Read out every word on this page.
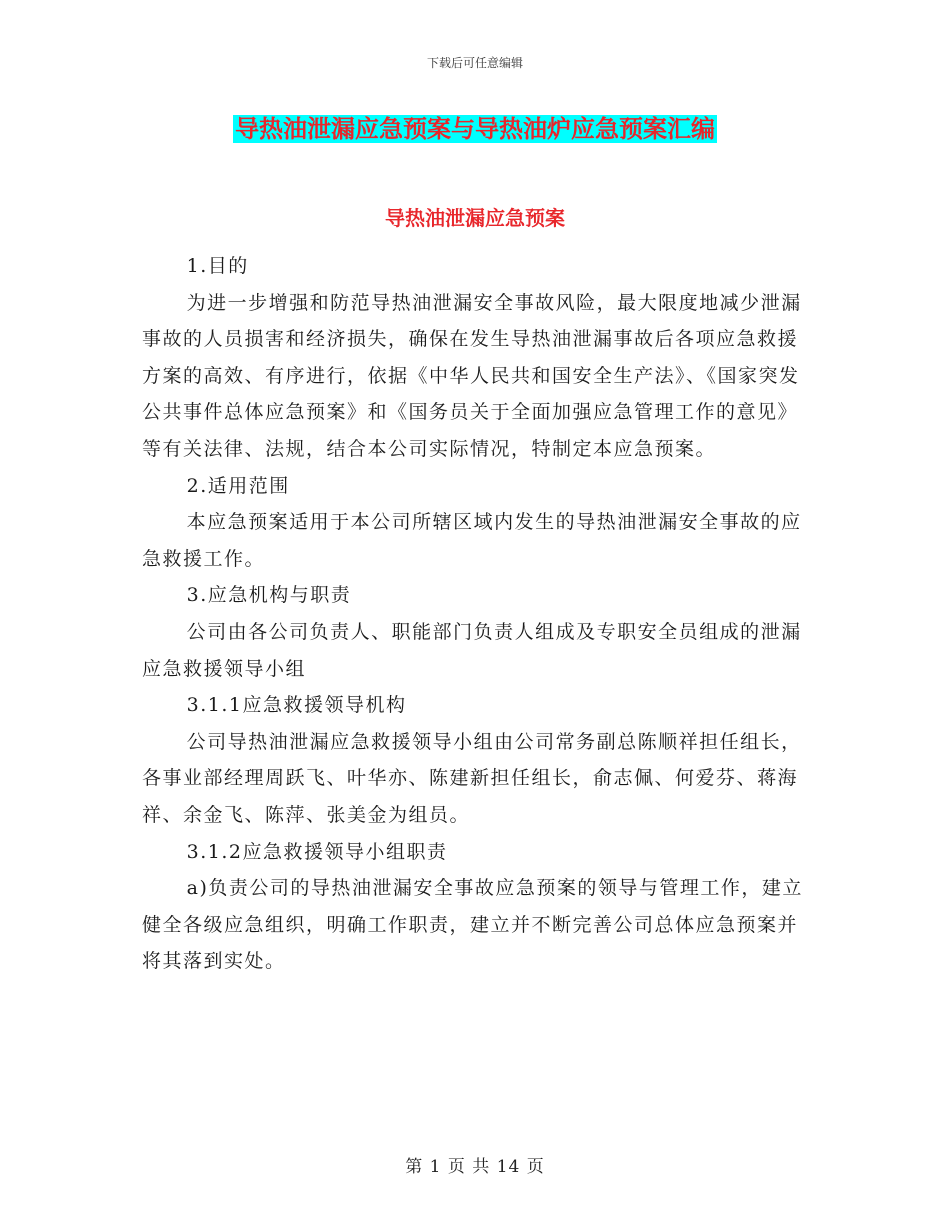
下载后可任意编辑
导热油泄漏应急预案与导热油炉应急预案汇编
导热油泄漏应急预案

1.目的

为进一步增强和防范导热油泄漏安全事故风险，最大限度地减少泄漏事故的人员损害和经济损失，确保在发生导热油泄漏事故后各项应急救援方案的高效、有序进行，依据《中华人民共和国安全生产法》、《国家突发公共事件总体应急预案》和《国务员关于全面加强应急管理工作的意见》等有关法律、法规，结合本公司实际情况，特制定本应急预案。

2.适用范围

本应急预案适用于本公司所辖区域内发生的导热油泄漏安全事故的应急救援工作。

3.应急机构与职责

公司由各公司负责人、职能部门负责人组成及专职安全员组成的泄漏应急救援领导小组

3.1.1应急救援领导机构

公司导热油泄漏应急救援领导小组由公司常务副总陈顺祥担任组长，各事业部经理周跃飞、叶华亦、陈建新担任组长，俞志佩、何爱芬、蒋海祥、余金飞、陈萍、张美金为组员。

3.1.2应急救援领导小组职责

a)负责公司的导热油泄漏安全事故应急预案的领导与管理工作，建立健全各级应急组织，明确工作职责，建立并不断完善公司总体应急预案并将其落到实处。

第 1 页 共 14 页
